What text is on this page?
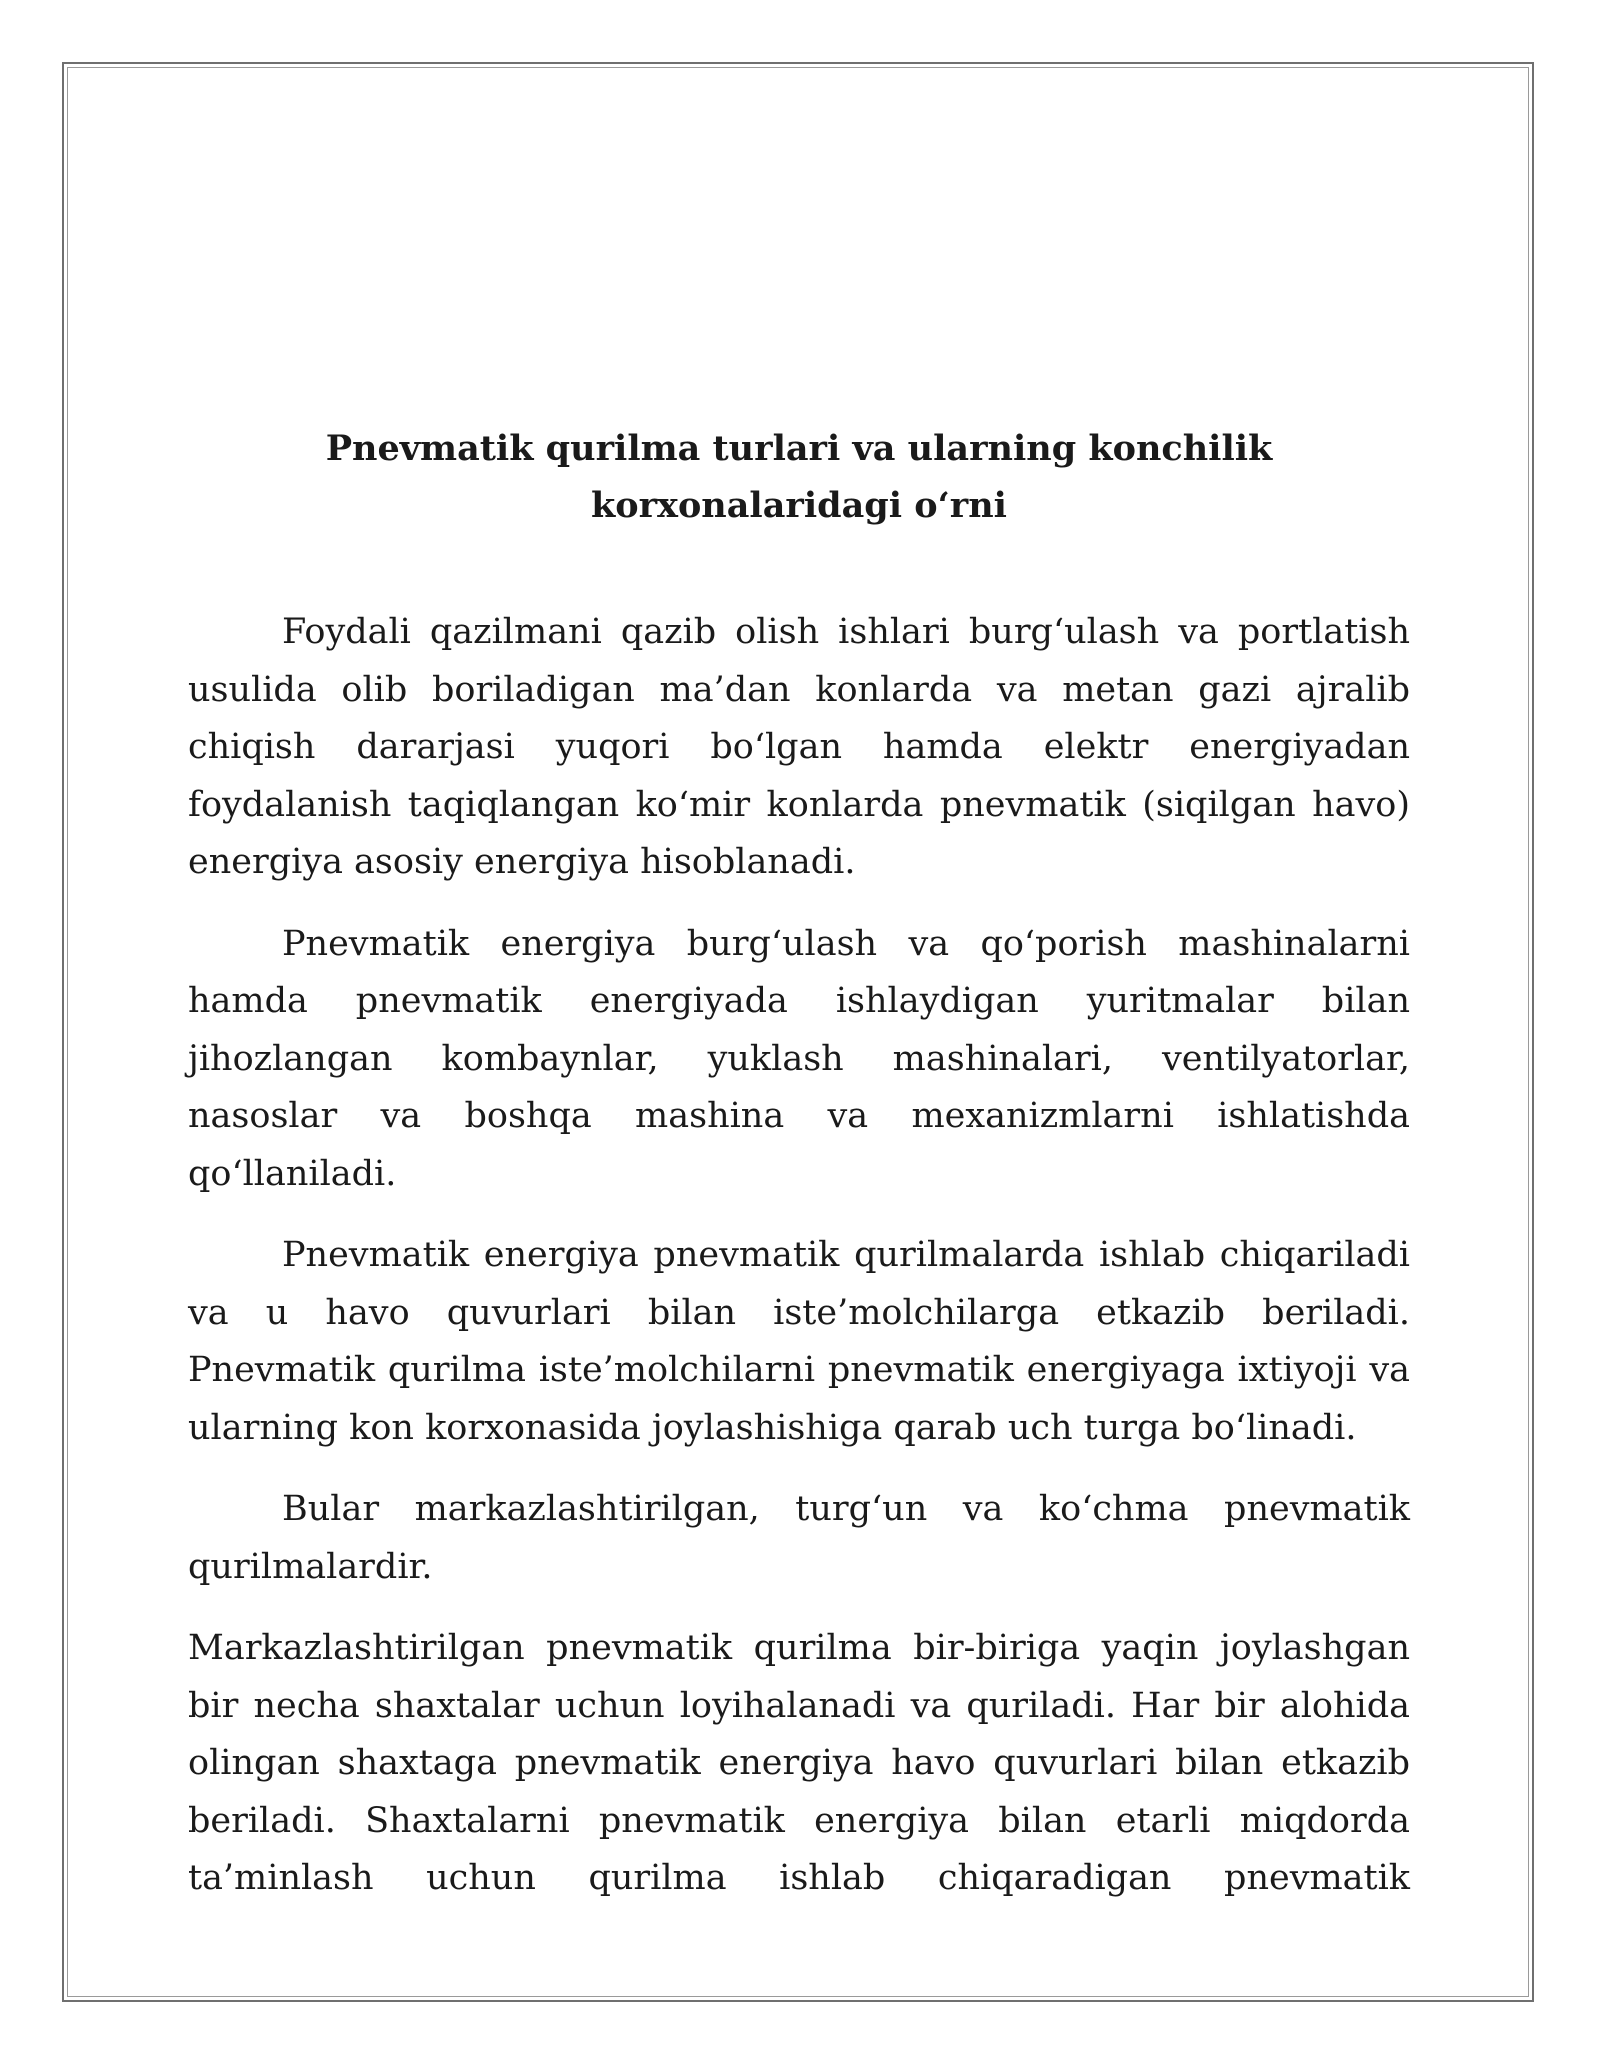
Pnevmatik qurilma turlari va ularning konchilik
korxonalaridagi o‘rni

Foydali qazilmani qazib olish ishlari burg‘ulash va portlatish usulida olib boriladigan ma’dan konlarda va metan gazi ajralib chiqish dararjasi yuqori bo‘lgan hamda elektr energiyadan foydalanish taqiqlangan ko‘mir konlarda pnevmatik (siqilgan havo) energiya asosiy energiya hisoblanadi.

Pnevmatik energiya burg‘ulash va qo‘porish mashinalarni hamda pnevmatik energiyada ishlaydigan yuritmalar bilan jihozlangan kombaynlar, yuklash mashinalari, ventilyatorlar, nasoslar va boshqa mashina va mexanizmlarni ishlatishda qo‘llaniladi.

Pnevmatik energiya pnevmatik qurilmalarda ishlab chiqariladi va u havo quvurlari bilan iste’molchilarga etkazib beriladi. Pnevmatik qurilma iste’molchilarni pnevmatik energiyaga ixtiyoji va ularning kon korxonasida joylashishiga qarab uch turga bo‘linadi.

Bular markazlashtirilgan, turg‘un va ko‘chma pnevmatik qurilmalardir.

Markazlashtirilgan pnevmatik qurilma bir-biriga yaqin joylashgan bir necha shaxtalar uchun loyihalanadi va quriladi. Har bir alohida olingan shaxtaga pnevmatik energiya havo quvurlari bilan etkazib beriladi. Shaxtalarni pnevmatik energiya bilan etarli miqdorda ta’minlash uchun qurilma ishlab chiqaradigan pnevmatik
